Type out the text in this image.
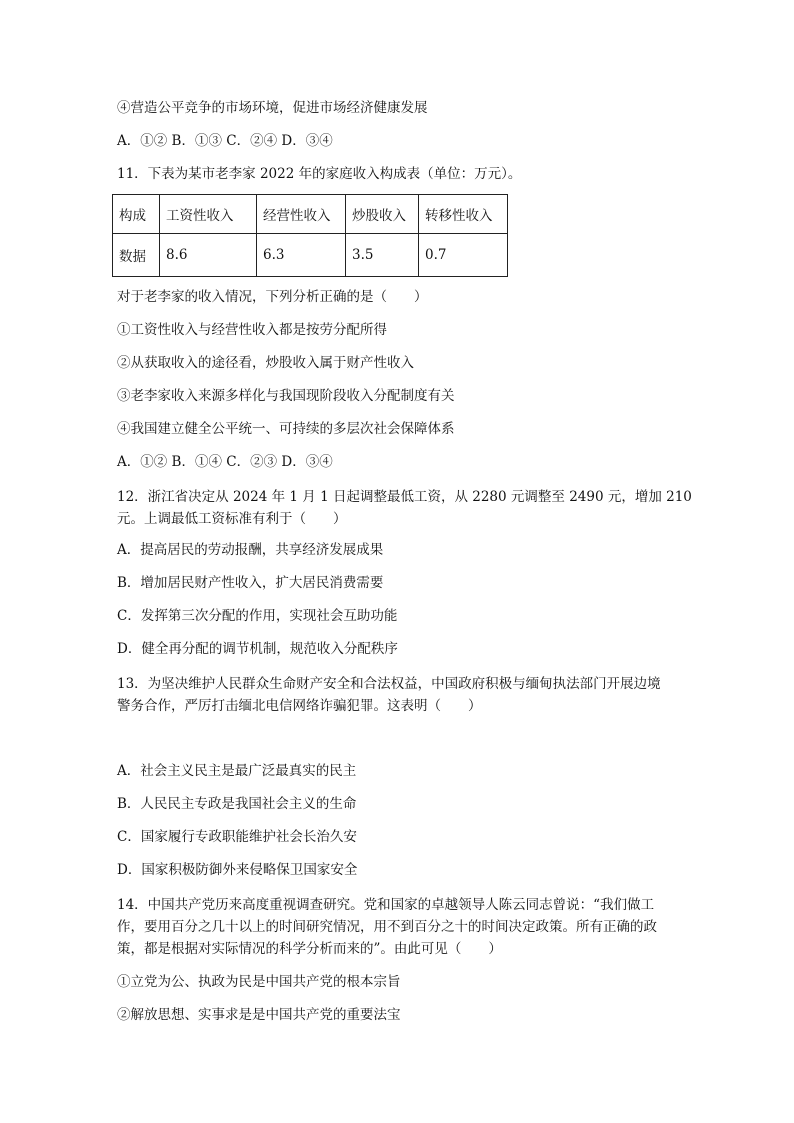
④营造公平竞争的市场环境，促进市场经济健康发展
A．①② B．①③ C．②④ D．③④
11．下表为某市老李家 2022 年的家庭收入构成表（单位：万元）。
构成	工资性收入	经营性收入	炒股收入	转移性收入
数据	8.6	6.3	3.5	0.7
对于老李家的收入情况，下列分析正确的是（　　）
①工资性收入与经营性收入都是按劳分配所得
②从获取收入的途径看，炒股收入属于财产性收入
③老李家收入来源多样化与我国现阶段收入分配制度有关
④我国建立健全公平统一、可持续的多层次社会保障体系
A．①② B．①④ C．②③ D．③④
12．浙江省决定从 2024 年 1 月 1 日起调整最低工资，从 2280 元调整至 2490 元，增加 210
元。上调最低工资标准有利于（　　）
A．提高居民的劳动报酬，共享经济发展成果
B．增加居民财产性收入，扩大居民消费需要
C．发挥第三次分配的作用，实现社会互助功能
D．健全再分配的调节机制，规范收入分配秩序
13．为坚决维护人民群众生命财产安全和合法权益，中国政府积极与缅甸执法部门开展边境
警务合作，严厉打击缅北电信网络诈骗犯罪。这表明（　　）
A．社会主义民主是最广泛最真实的民主
B．人民民主专政是我国社会主义的生命
C．国家履行专政职能维护社会长治久安
D．国家积极防御外来侵略保卫国家安全
14．中国共产党历来高度重视调查研究。党和国家的卓越领导人陈云同志曾说：“我们做工
作，要用百分之几十以上的时间研究情况，用不到百分之十的时间决定政策。所有正确的政
策，都是根据对实际情况的科学分析而来的”。由此可见（　　）
①立党为公、执政为民是中国共产党的根本宗旨
②解放思想、实事求是是中国共产党的重要法宝
